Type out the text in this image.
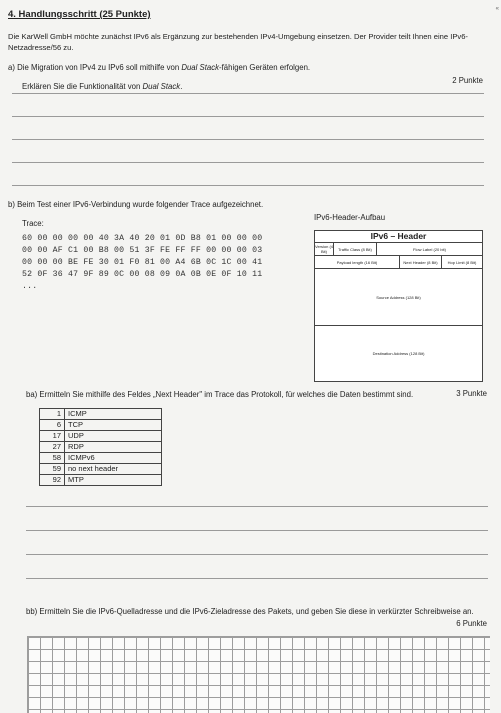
«
4. Handlungsschritt (25 Punkte)
Die KarWell GmbH möchte zunächst IPv6 als Ergänzung zur bestehenden IPv4-Umgebung einsetzen. Der Provider teilt Ihnen eine IPv6-Netzadresse/56 zu.
a) Die Migration von IPv4 zu IPv6 soll mithilfe von Dual Stack-fähigen Geräten erfolgen.
2 Punkte
Erklären Sie die Funktionalität von Dual Stack.
b) Beim Test einer IPv6-Verbindung wurde folgender Trace aufgezeichnet.
Trace:
60 00 00 00 00 40 3A 40 20 01 0D B8 01 00 00 00
00 00 AF C1 00 B8 00 51 3F FE FF FF 00 00 00 03
00 00 00 BE FE 30 01 F0 81 00 A4 6B 0C 1C 00 41
52 0F 36 47 9F 89 0C 00 08 09 0A 0B 0E 0F 10 11
...
IPv6-Header-Aufbau
IPv6 – Header
Version (4 Bit)	Traffic Class (8 Bit)	Flow Label (20 bit)
Payload length (16 Bit)	Next Header (8 Bit)	Hop Limit (8 Bit)
Source Address (128 Bit)
Destination Address (128 Bit)
ba) Ermitteln Sie mithilfe des Feldes „Next Header" im Trace das Protokoll, für welches die Daten bestimmt sind.	3 Punkte
1	ICMP
6	TCP
17	UDP
27	RDP
58	ICMPv6
59	no next header
92	MTP
bb) Ermitteln Sie die IPv6-Quelladresse und die IPv6-Zieladresse des Pakets, und geben Sie diese in verkürzter Schreibweise an.
6 Punkte
